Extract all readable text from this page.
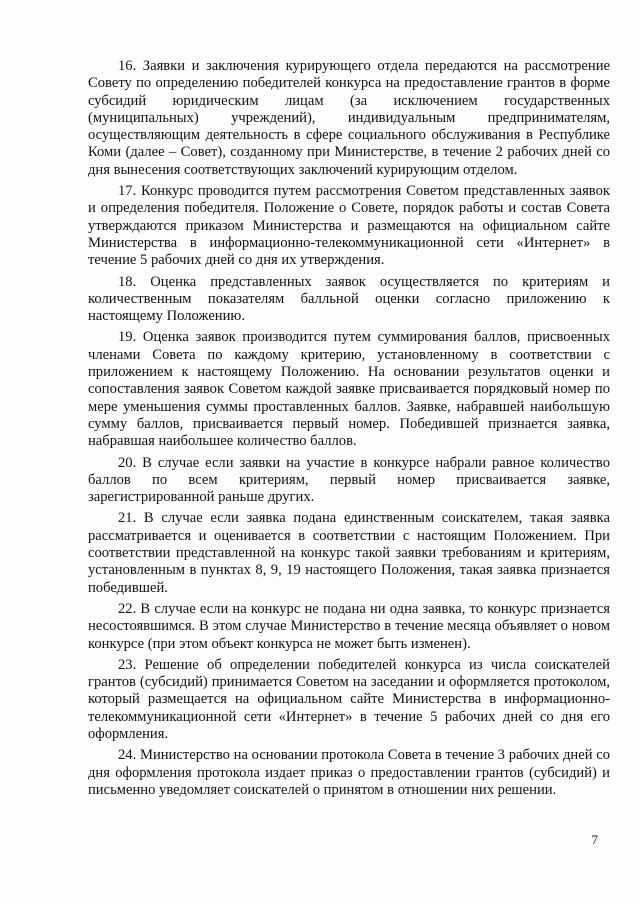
16. Заявки и заключения курирующего отдела передаются на рассмотрение Совету по определению победителей конкурса на предоставление грантов в форме субсидий юридическим лицам (за исключением государственных (муниципальных) учреждений), индивидуальным предпринимателям, осуществляющим деятельность в сфере социального обслуживания в Республике Коми (далее – Совет), созданному при Министерстве, в течение 2 рабочих дней со дня вынесения соответствующих заключений курирующим отделом.

17. Конкурс проводится путем рассмотрения Советом представленных заявок и определения победителя. Положение о Совете, порядок работы и состав Совета утверждаются приказом Министерства и размещаются на официальном сайте Министерства в информационно-телекоммуникационной сети «Интернет» в течение 5 рабочих дней со дня их утверждения.

18. Оценка представленных заявок осуществляется по критериям и количественным показателям балльной оценки согласно приложению к настоящему Положению.

19. Оценка заявок производится путем суммирования баллов, присвоенных членами Совета по каждому критерию, установленному в соответствии с приложением к настоящему Положению. На основании результатов оценки и сопоставления заявок Советом каждой заявке присваивается порядковый номер по мере уменьшения суммы проставленных баллов. Заявке, набравшей наибольшую сумму баллов, присваивается первый номер. Победившей признается заявка, набравшая наибольшее количество баллов.

20. В случае если заявки на участие в конкурсе набрали равное количество баллов по всем критериям, первый номер присваивается заявке, зарегистрированной раньше других.

21. В случае если заявка подана единственным соискателем, такая заявка рассматривается и оценивается в соответствии с настоящим Положением. При соответствии представленной на конкурс такой заявки требованиям и критериям, установленным в пунктах 8, 9, 19 настоящего Положения, такая заявка признается победившей.

22. В случае если на конкурс не подана ни одна заявка, то конкурс признается несостоявшимся. В этом случае Министерство в течение месяца объявляет о новом конкурсе (при этом объект конкурса не может быть изменен).

23. Решение об определении победителей конкурса из числа соискателей грантов (субсидий) принимается Советом на заседании и оформляется протоколом, который размещается на официальном сайте Министерства в информационно-телекоммуникационной сети «Интернет» в течение 5 рабочих дней со дня его оформления.

24. Министерство на основании протокола Совета в течение 3 рабочих дней со дня оформления протокола издает приказ о предоставлении грантов (субсидий) и письменно уведомляет соискателей о принятом в отношении них решении.

7
